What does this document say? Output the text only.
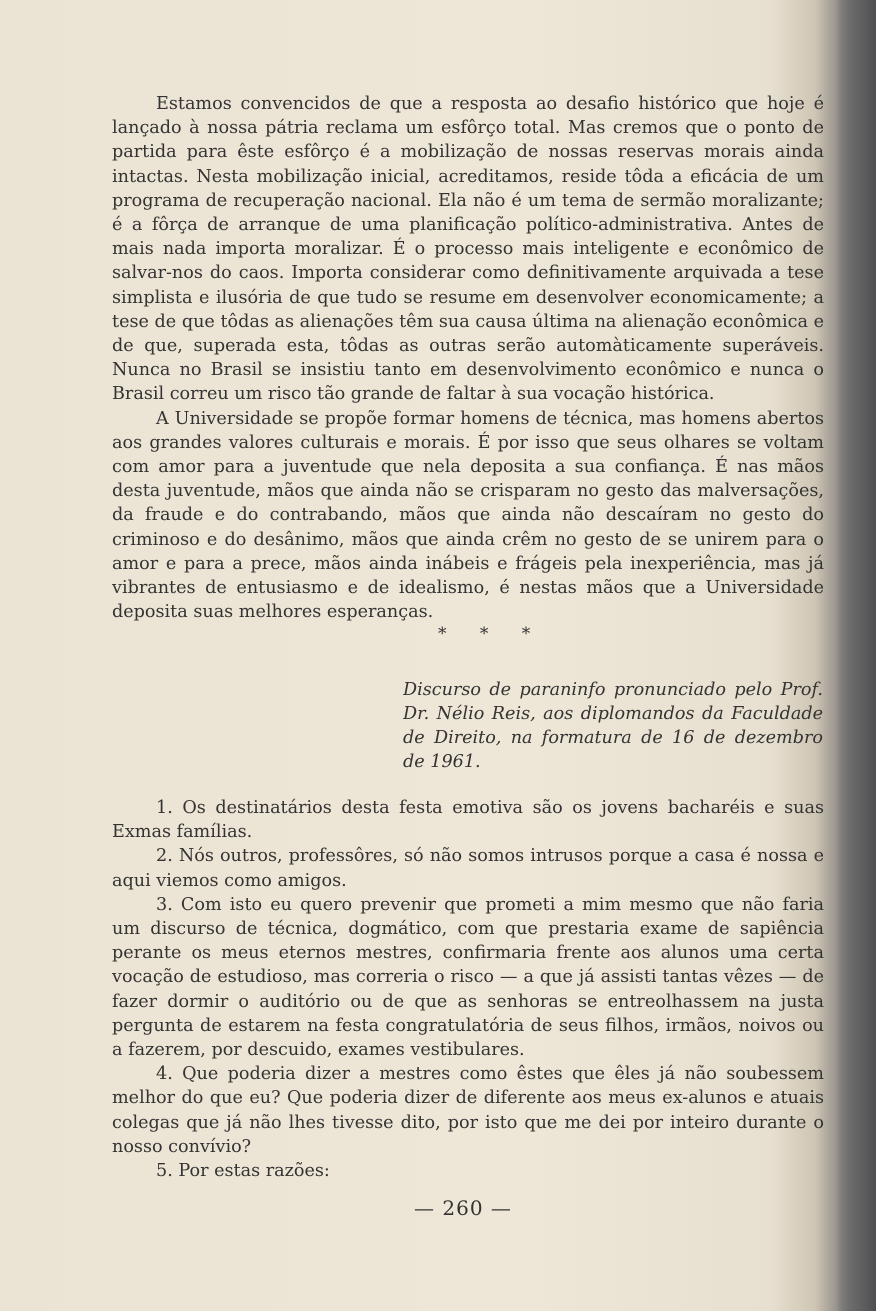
Estamos convencidos de que a resposta ao desafio histórico que hoje é lançado à nossa pátria reclama um esfôrço total. Mas cremos que o ponto de partida para êste esfôrço é a mobilização de nossas reservas morais ainda intactas. Nesta mobilização inicial, acreditamos, reside tôda a eficácia de um programa de recuperação nacional. Ela não é um tema de sermão moralizante; é a fôrça de arranque de uma planificação político-administrativa. Antes de mais nada importa moralizar. É o processo mais inteligente e econômico de salvar-nos do caos. Importa considerar como definitivamente arquivada a tese simplista e ilusória de que tudo se resume em desenvolver economicamente; a tese de que tôdas as alienações têm sua causa última na alienação econômica e de que, superada esta, tôdas as outras serão automàticamente superáveis. Nunca no Brasil se insistiu tanto em desenvolvimento econômico e nunca o Brasil correu um risco tão grande de faltar à sua vocação histórica.

A Universidade se propõe formar homens de técnica, mas homens abertos aos grandes valores culturais e morais. É por isso que seus olhares se voltam com amor para a juventude que nela deposita a sua confiança. É nas mãos desta juventude, mãos que ainda não se crisparam no gesto das malversações, da fraude e do contrabando, mãos que ainda não descaíram no gesto do criminoso e do desânimo, mãos que ainda crêm no gesto de se unirem para o amor e para a prece, mãos ainda inábeis e frágeis pela inexperiência, mas já vibrantes de entusiasmo e de idealismo, é nestas mãos que a Universidade deposita suas melhores esperanças.

* * *
Discurso de paraninfo pronunciado pelo Prof. Dr. Nélio Reis, aos diplomandos da Faculdade de Direito, na formatura de 16 de dezembro de 1961.

1. Os destinatários desta festa emotiva são os jovens bacharéis e suas Exmas famílias.

2. Nós outros, professôres, só não somos intrusos porque a casa é nossa e aqui viemos como amigos.

3. Com isto eu quero prevenir que prometi a mim mesmo que não faria um discurso de técnica, dogmático, com que prestaria exame de sapiência perante os meus eternos mestres, confirmaria frente aos alunos uma certa vocação de estudioso, mas correria o risco — a que já assisti tantas vêzes — de fazer dormir o auditório ou de que as senhoras se entreolhassem na justa pergunta de estarem na festa congratulatória de seus filhos, irmãos, noivos ou a fazerem, por descuido, exames vestibulares.

4. Que poderia dizer a mestres como êstes que êles já não soubessem melhor do que eu? Que poderia dizer de diferente aos meus ex-alunos e atuais colegas que já não lhes tivesse dito, por isto que me dei por inteiro durante o nosso convívio?

5. Por estas razões:

— 260 —
